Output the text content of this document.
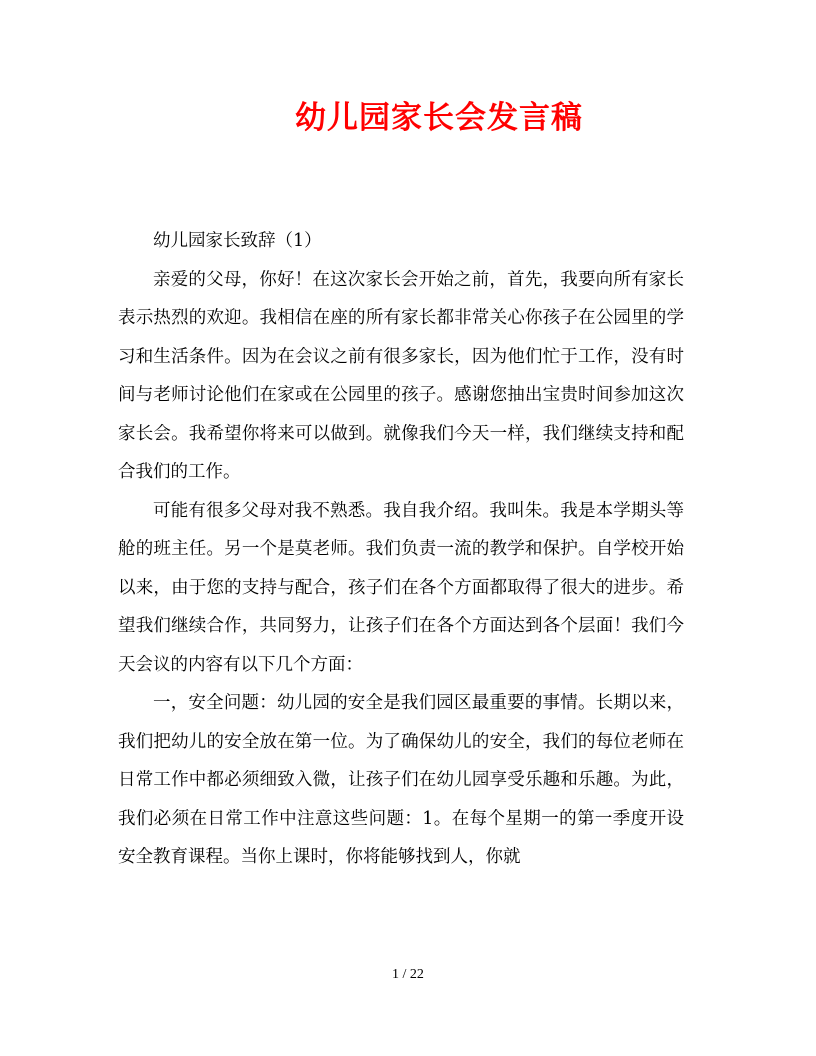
幼儿园家长会发言稿

幼儿园家长致辞（1）

亲爱的父母，你好！在这次家长会开始之前，首先，我要向所有家长表示热烈的欢迎。我相信在座的所有家长都非常关心你孩子在公园里的学习和生活条件。因为在会议之前有很多家长，因为他们忙于工作，没有时间与老师讨论他们在家或在公园里的孩子。感谢您抽出宝贵时间参加这次家长会。我希望你将来可以做到。就像我们今天一样，我们继续支持和配合我们的工作。

可能有很多父母对我不熟悉。我自我介绍。我叫朱。我是本学期头等舱的班主任。另一个是莫老师。我们负责一流的教学和保护。自学校开始以来，由于您的支持与配合，孩子们在各个方面都取得了很大的进步。希望我们继续合作，共同努力，让孩子们在各个方面达到各个层面！我们今天会议的内容有以下几个方面：

一，安全问题：幼儿园的安全是我们园区最重要的事情。长期以来，我们把幼儿的安全放在第一位。为了确保幼儿的安全，我们的每位老师在日常工作中都必须细致入微，让孩子们在幼儿园享受乐趣和乐趣。为此，我们必须在日常工作中注意这些问题：1。在每个星期一的第一季度开设安全教育课程。当你上课时，你将能够找到人，你就

1 / 22
